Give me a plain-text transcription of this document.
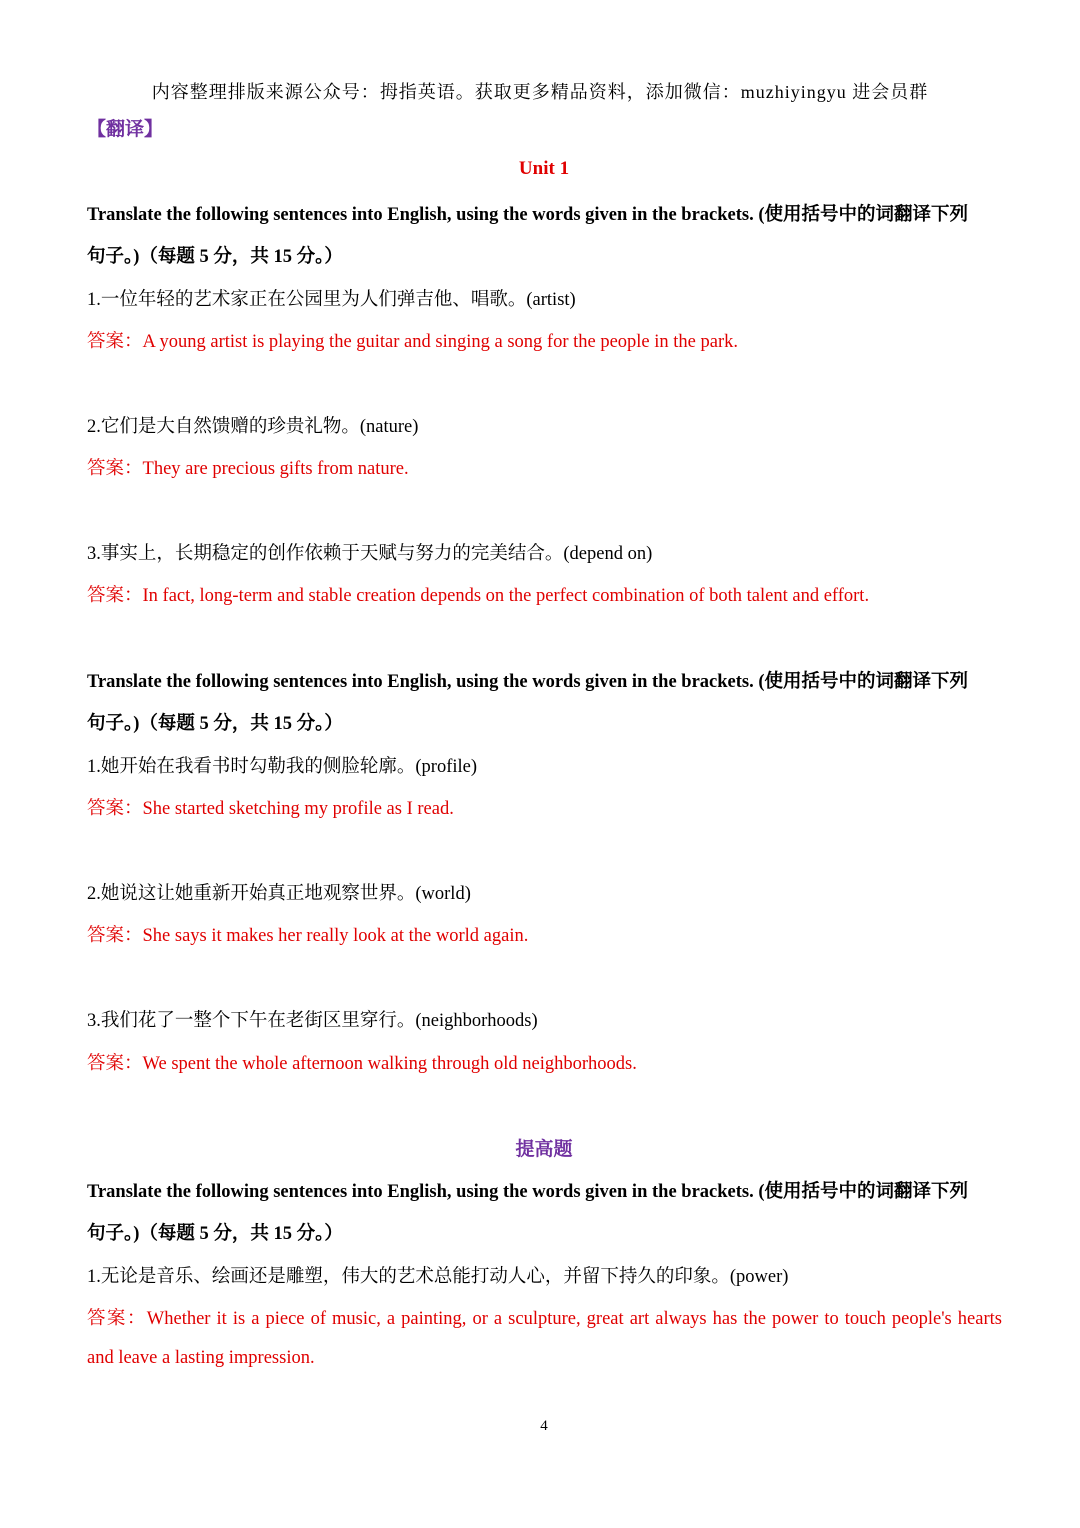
内容整理排版来源公众号：拇指英语。获取更多精品资料，添加微信：muzhiyingyu 进会员群
【翻译】
Unit 1
Translate the following sentences into English, using the words given in the brackets. (使用括号中的词翻译下列
句子。)（每题 5 分，共 15 分。）
1.一位年轻的艺术家正在公园里为人们弹吉他、唱歌。(artist)
答案：A young artist is playing the guitar and singing a song for the people in the park.
2.它们是大自然馈赠的珍贵礼物。(nature)
答案：They are precious gifts from nature.
3.事实上，长期稳定的创作依赖于天赋与努力的完美结合。(depend on)
答案：In fact, long-term and stable creation depends on the perfect combination of both talent and effort.
Translate the following sentences into English, using the words given in the brackets. (使用括号中的词翻译下列
句子。)（每题 5 分，共 15 分。）
1.她开始在我看书时勾勒我的侧脸轮廓。(profile)
答案：She started sketching my profile as I read.
2.她说这让她重新开始真正地观察世界。(world)
答案：She says it makes her really look at the world again.
3.我们花了一整个下午在老街区里穿行。(neighborhoods)
答案：We spent the whole afternoon walking through old neighborhoods.
提高题
Translate the following sentences into English, using the words given in the brackets. (使用括号中的词翻译下列
句子。)（每题 5 分，共 15 分。）
1.无论是音乐、绘画还是雕塑，伟大的艺术总能打动人心，并留下持久的印象。(power)
答案：Whether it is a piece of music, a painting, or a sculpture, great art always has the power to touch people's hearts
and leave a lasting impression.
4
